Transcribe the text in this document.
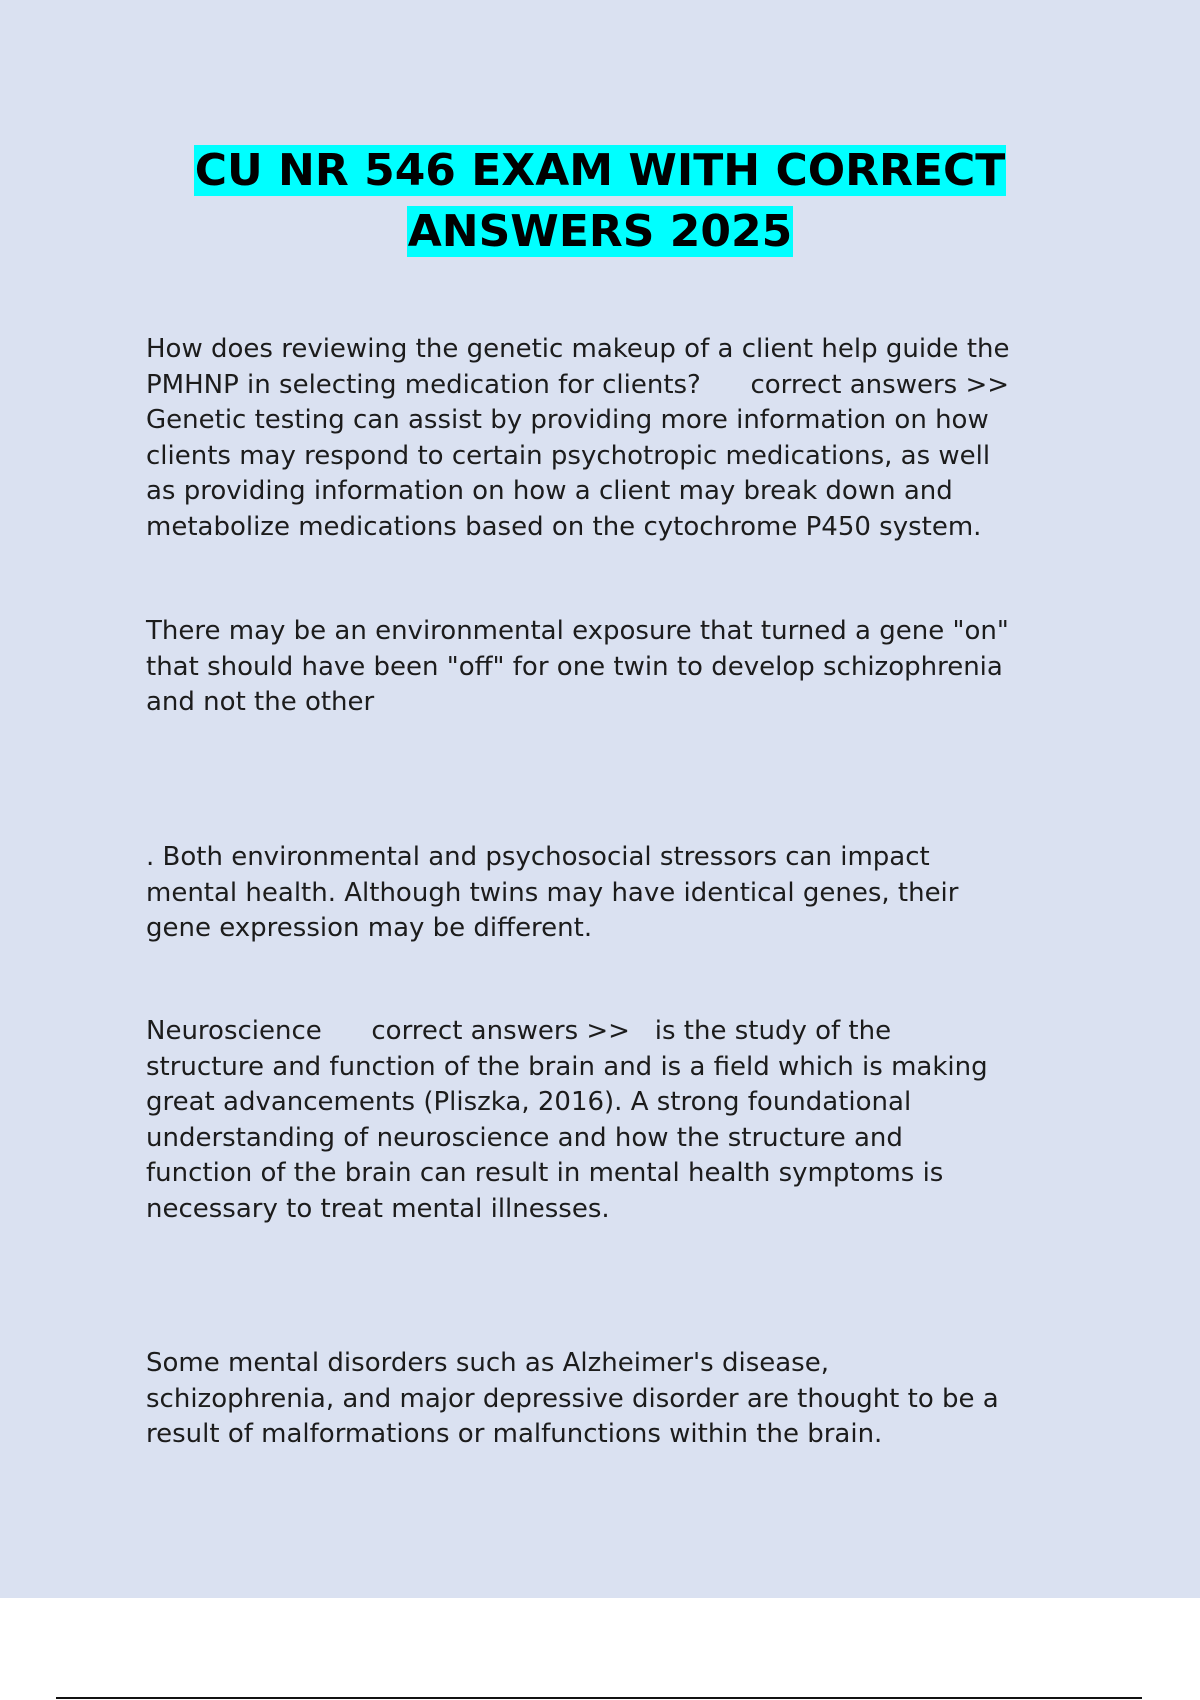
CU NR 546 EXAM WITH CORRECT
ANSWERS 2025

How does reviewing the genetic makeup of a client help guide the
PMHNP in selecting medication for clients?      correct answers >>
Genetic testing can assist by providing more information on how
clients may respond to certain psychotropic medications, as well
as providing information on how a client may break down and
metabolize medications based on the cytochrome P450 system.

There may be an environmental exposure that turned a gene "on"
that should have been "off" for one twin to develop schizophrenia
and not the other

. Both environmental and psychosocial stressors can impact
mental health. Although twins may have identical genes, their
gene expression may be different.

Neuroscience      correct answers >>   is the study of the
structure and function of the brain and is a field which is making
great advancements (Pliszka, 2016). A strong foundational
understanding of neuroscience and how the structure and
function of the brain can result in mental health symptoms is
necessary to treat mental illnesses.

Some mental disorders such as Alzheimer's disease,
schizophrenia, and major depressive disorder are thought to be a
result of malformations or malfunctions within the brain.
